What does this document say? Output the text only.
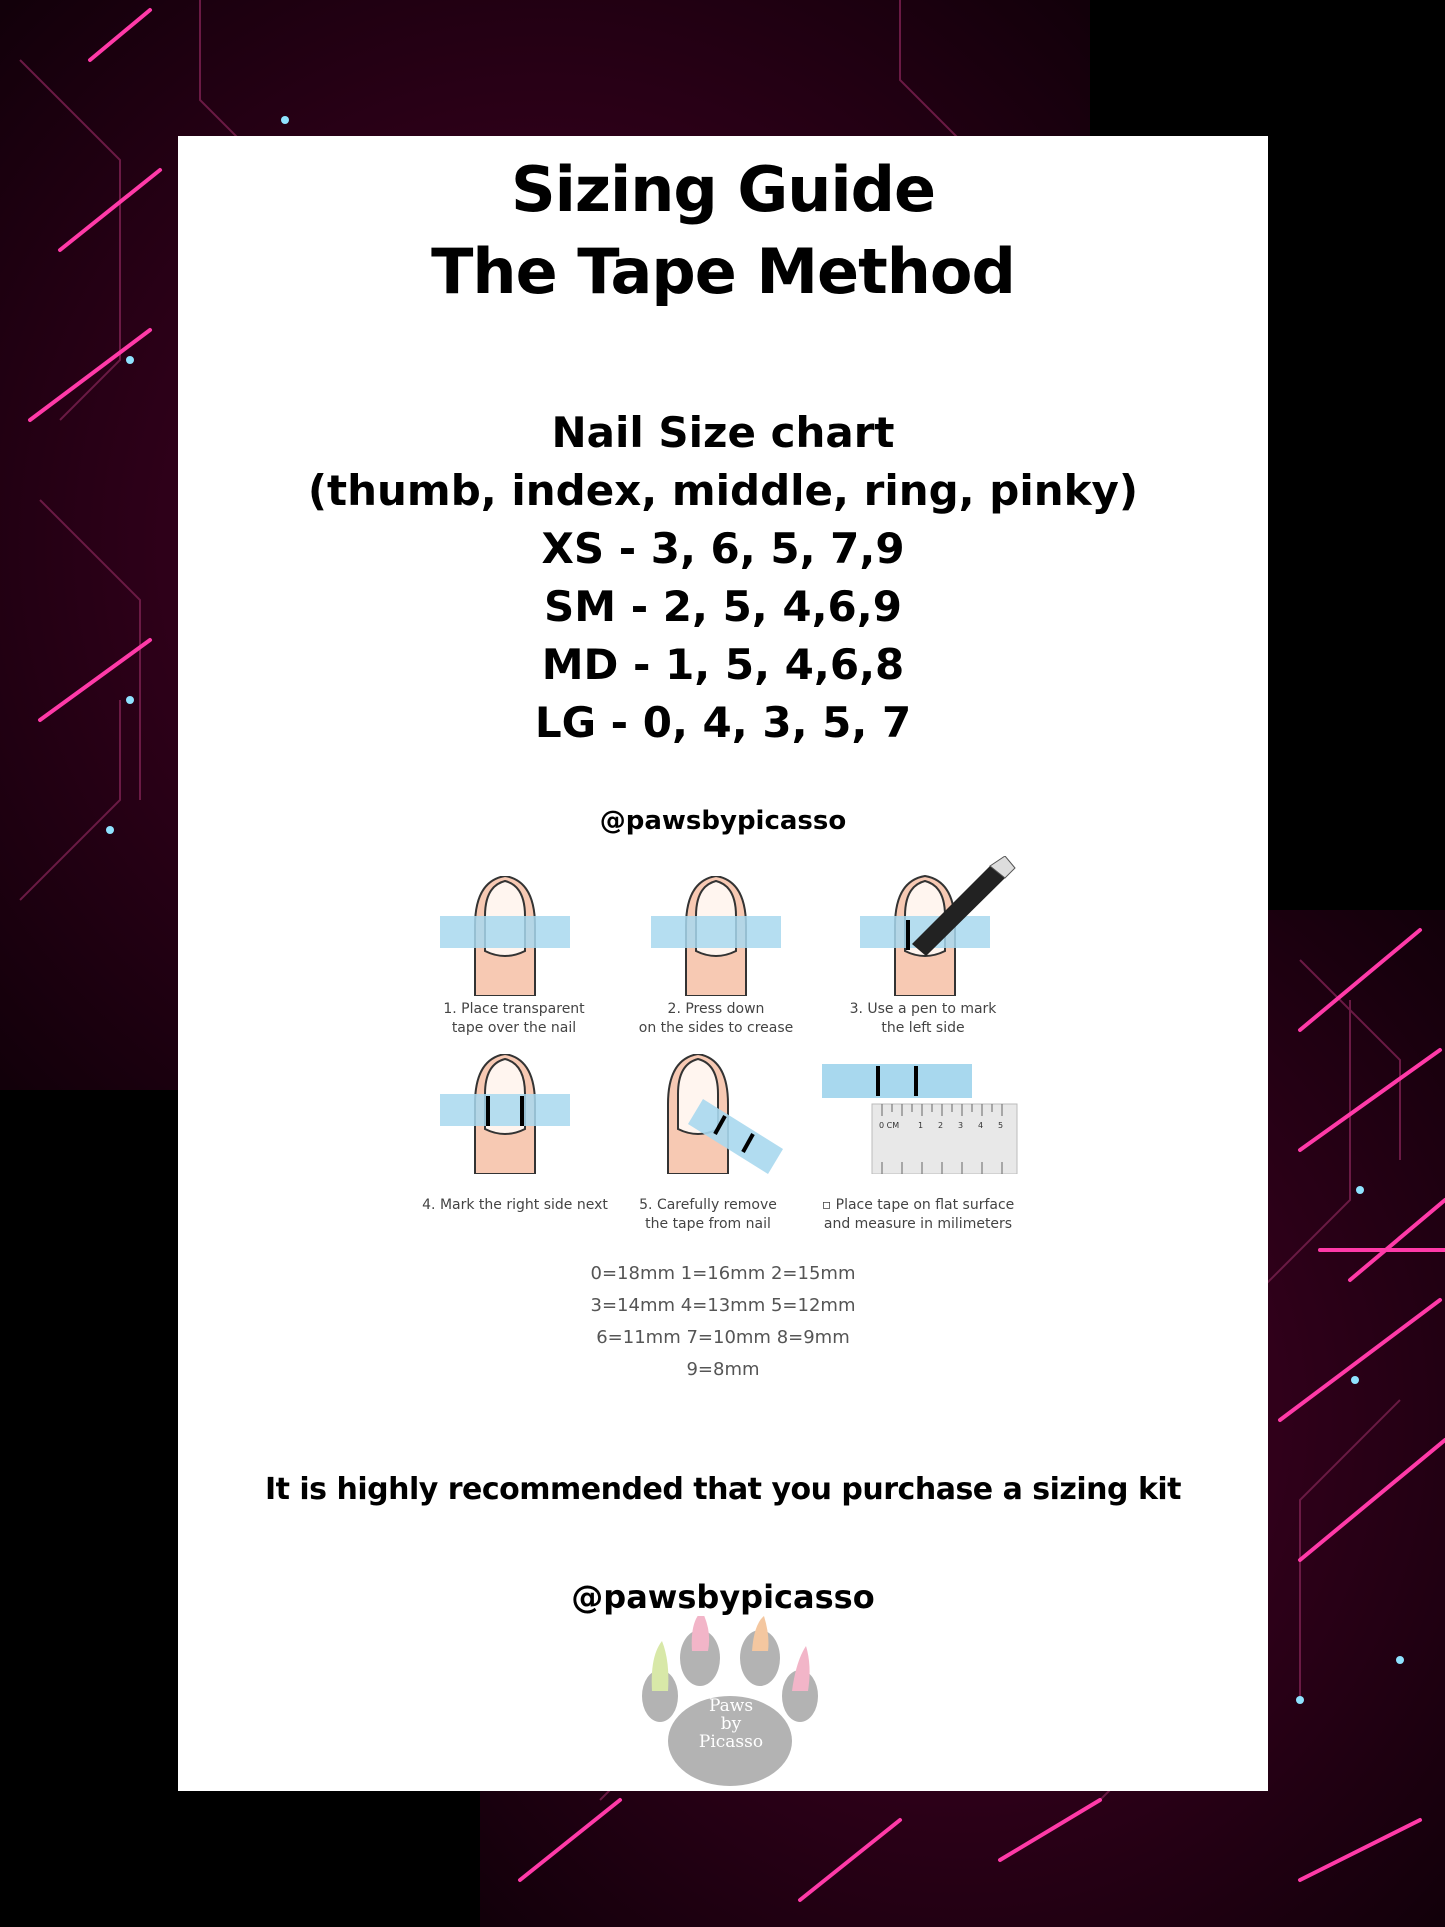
Sizing Guide
The Tape Method
Nail Size chart
(thumb, index, middle, ring, pinky)
XS - 3, 6, 5, 7,9
SM - 2, 5, 4,6,9
MD - 1, 5, 4,6,8
LG - 0, 4, 3, 5, 7
@pawsbypicasso
1. Place transparent
tape over the nail
2. Press down
on the sides to crease
3. Use a pen to mark
the left side
0 CM 1 2 3 4 5
4. Mark the right side next	5. Carefully remove
the tape from nail
▫ Place tape on flat surface
and measure in milimeters
0=18mm 1=16mm 2=15mm
3=14mm 4=13mm 5=12mm
6=11mm 7=10mm 8=9mm
9=8mm
It is highly recommended that you purchase a sizing kit
@pawsbypicasso
Paws
by
Picasso
